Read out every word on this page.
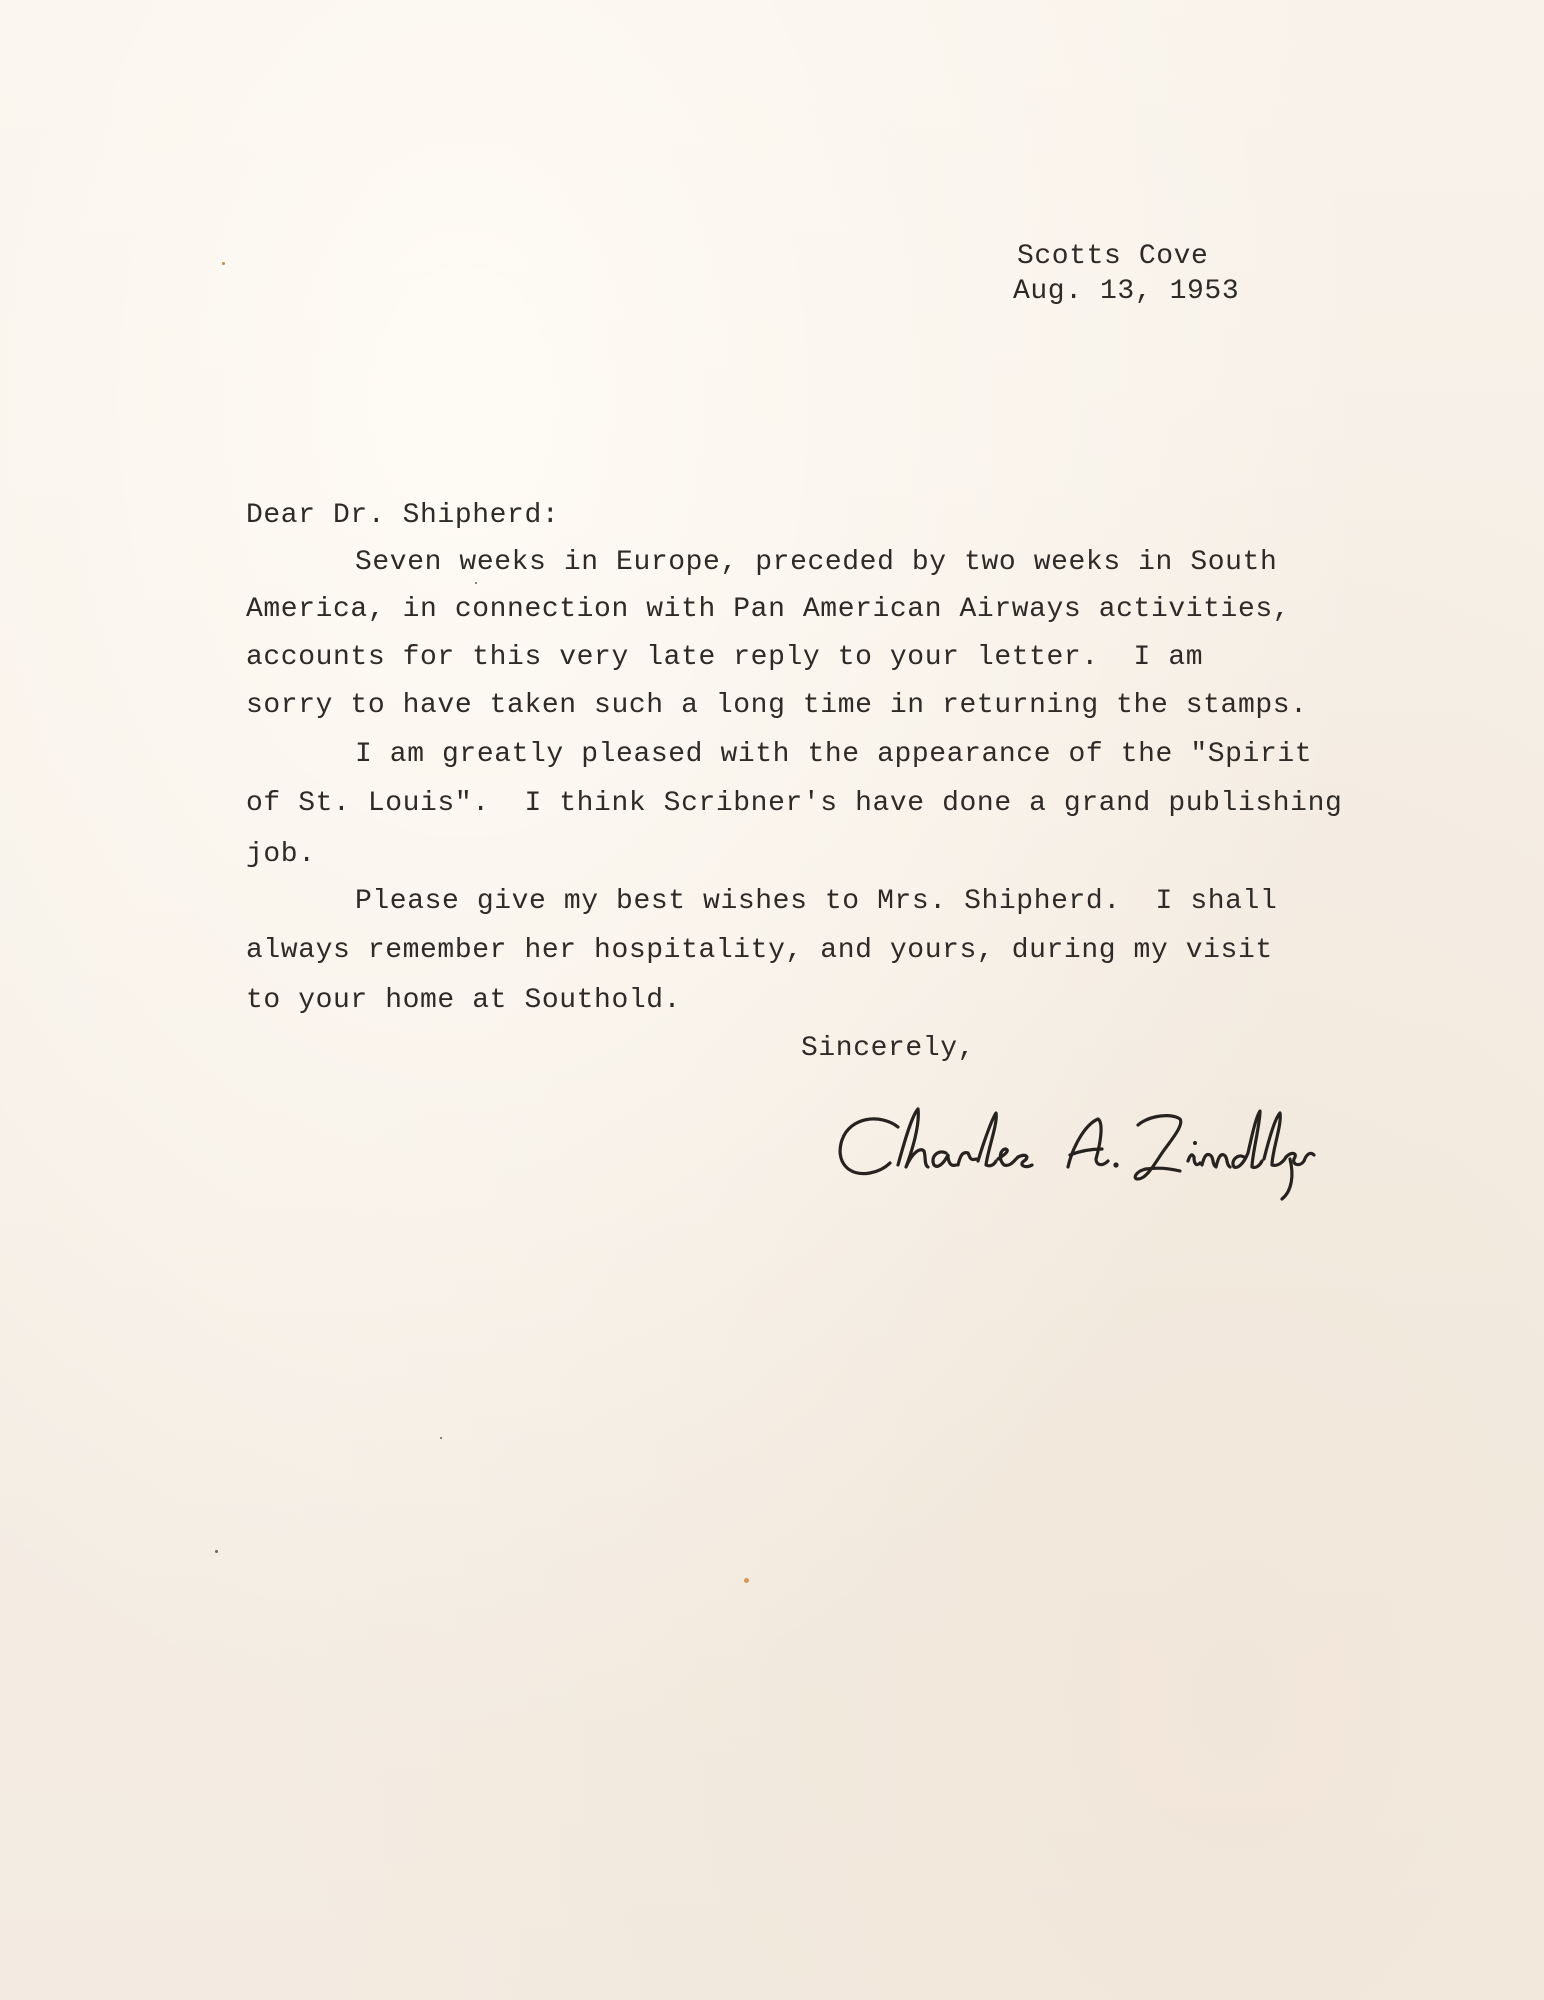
Scotts Cove

Aug. 13, 1953

Dear Dr. Shipherd:

Seven weeks in Europe, preceded by two weeks in South

America, in connection with Pan American Airways activities,

accounts for this very late reply to your letter.  I am

sorry to have taken such a long time in returning the stamps.

I am greatly pleased with the appearance of the "Spirit

of St. Louis".  I think Scribner's have done a grand publishing

job.

Please give my best wishes to Mrs. Shipherd.  I shall

always remember her hospitality, and yours, during my visit

to your home at Southold.

Sincerely,
